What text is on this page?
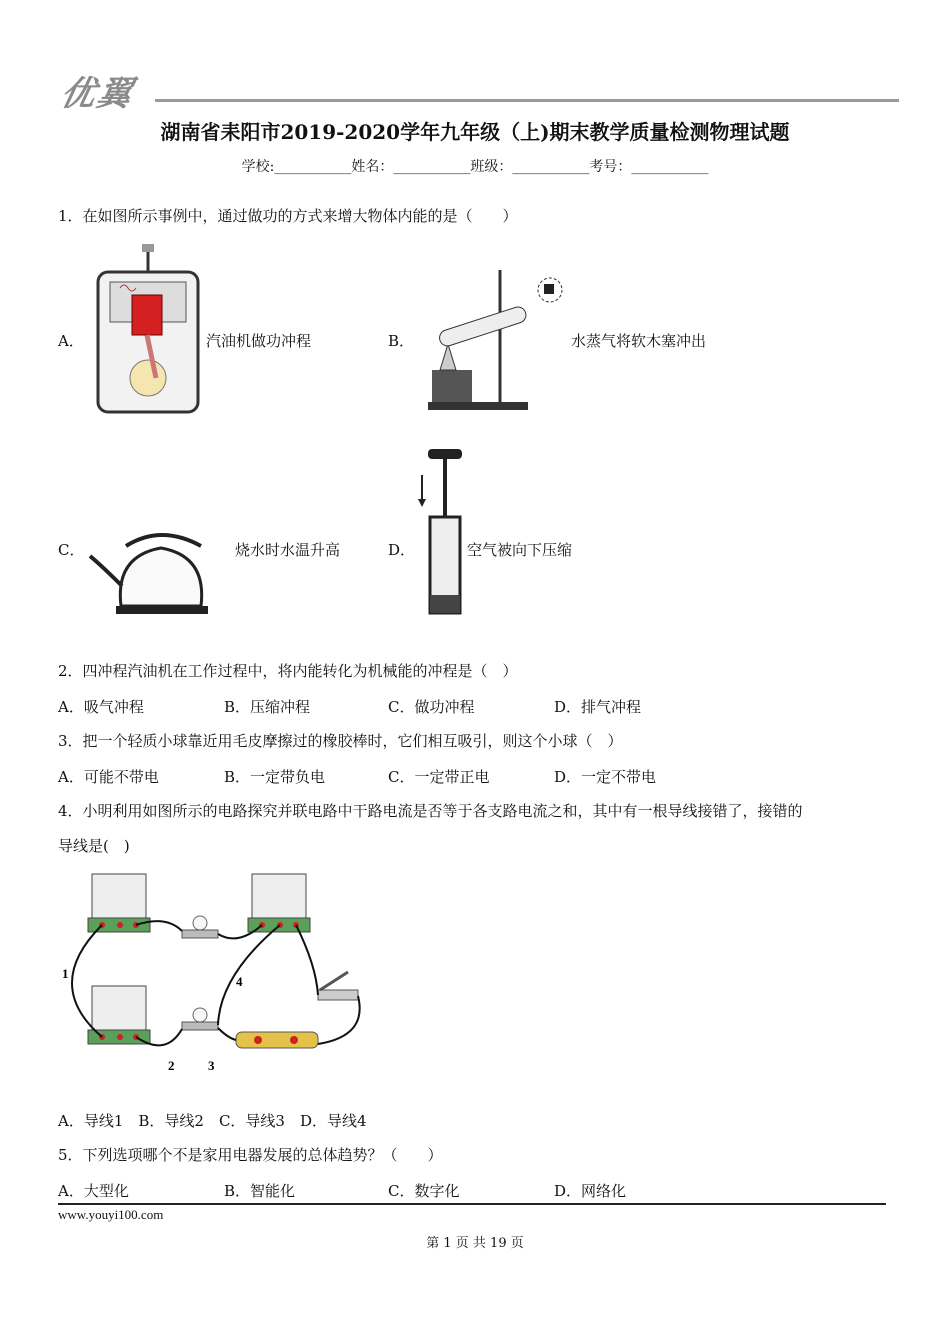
优翼
湖南省耒阳市2019-2020学年九年级（上)期末教学质量检测物理试题
学校:___________姓名：___________班级：___________考号：___________
1．在如图所示事例中，通过做功的方式来增大物体内能的是（　　）
A．	汽油机做功冲程	B．	水蒸气将软木塞冲出
C．	烧水时水温升高	D．	空气被向下压缩
2．四冲程汽油机在工作过程中，将内能转化为机械能的冲程是（　）
A．吸气冲程	B．压缩冲程	C．做功冲程	D．排气冲程
3．把一个轻质小球靠近用毛皮摩擦过的橡胶棒时，它们相互吸引，则这个小球（　）
A．可能不带电	B．一定带负电	C．一定带正电	D．一定不带电
4．小明利用如图所示的电路探究并联电路中干路电流是否等于各支路电流之和，其中有一根导线接错了，接错的
导线是(　)
1
2	3
4
A．导线1　B．导线2　C．导线3　D．导线4
5．下列选项哪个不是家用电器发展的总体趋势？（　　）
A．大型化	B．智能化	C．数字化	D．网络化
www.youyi100.com
第 1 页 共 19 页
